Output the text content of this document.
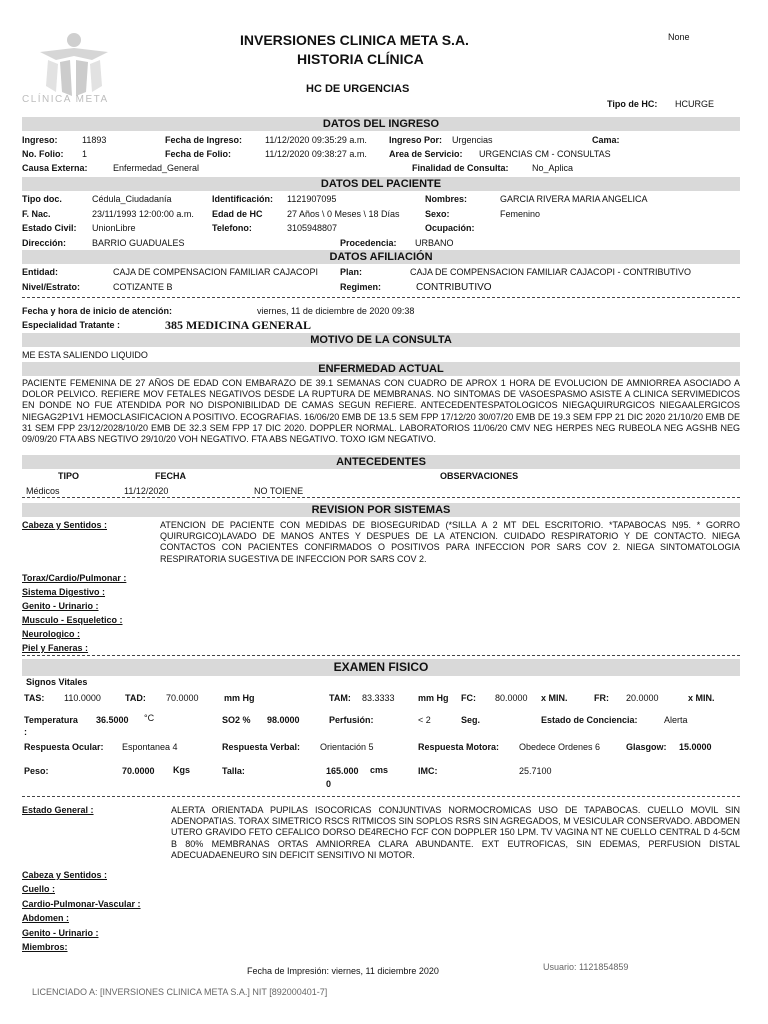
CLÍNICA META
INVERSIONES CLINICA META S.A.
HISTORIA CLÍNICA
None
HC DE URGENCIAS
Tipo de HC: HCURGE
DATOS DEL INGRESO
Ingreso:	11893	Fecha de Ingreso:	11/12/2020 09:35:29 a.m. Ingreso Por: Urgencias	Cama:
No. Folio: 1	Fecha de Folio:	11/12/2020 09:38:27 a.m. Area de Servicio: URGENCIAS CM - CONSULTAS
Causa Externa:	Enfermedad_General	Finalidad de Consulta:	No_Aplica
DATOS DEL PACIENTE
Tipo doc.	Cédula_Ciudadanía	Identificación: 1121907095	Nombres:	GARCIA RIVERA MARIA ANGELICA
F. Nac.	23/11/1993 12:00:00 a.m. Edad de HC	27 Años \ 0 Meses \ 18 Días	Sexo:	Femenino
Estado Civil: UnionLibre	Telefono:	3105948807	Ocupación:
Dirección:	BARRIO GUADUALES	Procedencia: URBANO
DATOS AFILIACIÓN
Entidad:	CAJA DE COMPENSACION FAMILIAR CAJACOPI Plan:	CAJA DE COMPENSACION FAMILIAR CAJACOPI - CONTRIBUTIVO
Nivel/Estrato:	COTIZANTE B	Regimen:	CONTRIBUTIVO
Fecha y hora de inicio de atención:	viernes, 11 de diciembre de 2020 09:38
Especialidad Tratante :	385 MEDICINA GENERAL
MOTIVO DE LA CONSULTA
ME ESTA SALIENDO LIQUIDO
ENFERMEDAD ACTUAL
PACIENTE FEMENINA DE 27 AÑOS DE EDAD CON EMBARAZO DE 39.1 SEMANAS CON CUADRO DE APROX 1 HORA DE EVOLUCION DE AMNIORREA ASOCIADO A DOLOR PELVICO. REFIERE MOV FETALES NEGATIVOS DESDE LA RUPTURA DE MEMBRANAS. NO SINTOMAS DE VASOESPASMO ASISTE A CLINICA SERVIMEDICOS EN DONDE NO FUE ATENDIDA POR NO DISPONIBILIDAD DE CAMAS SEGUN REFIERE. ANTECEDENTESPATOLOGICOS NIEGAQUIRURGICOS NIEGAALERGICOS NIEGAG2P1V1 HEMOCLASIFICACION A POSITIVO. ECOGRAFIAS. 16/06/20 EMB DE 13.5 SEM FPP 17/12/20 30/07/20 EMB DE 19.3 SEM FPP 21 DIC 2020 21/10/20 EMB DE 31 SEM FPP 23/12/2028/10/20 EMB DE 32.3 SEM FPP 17 DIC 2020. DOPPLER NORMAL. LABORATORIOS 11/06/20 CMV NEG HERPES NEG RUBEOLA NEG AGSHB NEG 09/09/20 FTA ABS NEGTIVO 29/10/20 VOH NEGATIVO. FTA ABS NEGATIVO. TOXO IGM NEGATIVO.
ANTECEDENTES
TIPO	FECHA	OBSERVACIONES
Médicos	11/12/2020	NO TOIENE
REVISION POR SISTEMAS
Cabeza y Sentidos :	ATENCION DE PACIENTE CON MEDIDAS DE BIOSEGURIDAD (*SILLA A 2 MT DEL ESCRITORIO. *TAPABOCAS N95. * GORRO QUIRURGICO)LAVADO DE MANOS ANTES Y DESPUES DE LA ATENCION. CUIDADO RESPIRATORIO Y DE CONTACTO. NIEGA CONTACTOS CON PACIENTES CONFIRMADOS O POSITIVOS PARA INFECCION POR SARS COV 2. NIEGA SINTOMATOLOGIA RESPIRATORIA SUGESTIVA DE INFECCION POR SARS COV 2.
Torax/Cardio/Pulmonar :
Sistema Digestivo :
Genito - Urinario :
Musculo - Esqueletico :
Neurologico :
Piel y Faneras :
EXAMEN FISICO
Signos Vitales
TAS: 110.0000	TAD: 70.0000	mm Hg	TAM: 83.3333	mm Hg FC: 80.0000 x MIN.	FR: 20.0000	x MIN.
Temperatura 36.5000 °C
:
SO2 % 98.0000	Perfusión:	< 2	Seg.	Estado de Conciencia:	Alerta
Respuesta Ocular: Espontanea 4	Respuesta Verbal: Orientación 5	Respuesta Motora: Obedece Ordenes 6	Glasgow: 15.0000
Peso:	70.0000 Kgs	Talla:	165.000 cms
0
IMC:	25.7100
Estado General :	ALERTA ORIENTADA PUPILAS ISOCORICAS CONJUNTIVAS NORMOCROMICAS USO DE TAPABOCAS. CUELLO MOVIL SIN ADENOPATIAS. TORAX SIMETRICO RSCS RITMICOS SIN SOPLOS RSRS SIN AGREGADOS, M VESICULAR CONSERVADO. ABDOMEN UTERO GRAVIDO FETO CEFALICO DORSO DE4RECHO FCF CON DOPPLER 150 LPM. TV VAGINA NT NE CUELLO CENTRAL D 4-5CM B 80% MEMBRANAS ORTAS AMNIORREA CLARA ABUNDANTE. EXT EUTROFICAS, SIN EDEMAS, PERFUSION DISTAL ADECUADAENEURO SIN DEFICIT SENSITIVO NI MOTOR.
Cabeza y Sentidos :
Cuello :
Cardio-Pulmonar-Vascular :
Abdomen :
Genito - Urinario :
Miembros:
Fecha de Impresión: viernes, 11 diciembre 2020	Usuario: 1121854859
LICENCIADO A: [INVERSIONES CLINICA META S.A.] NIT [892000401-7]
